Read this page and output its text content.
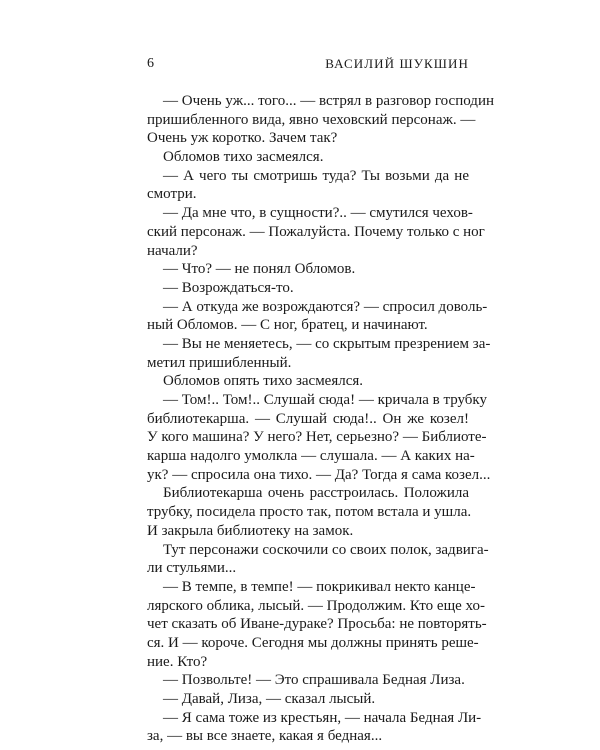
6	ВАСИЛИЙ ШУКШИН
— Очень уж... того... — встрял в разговор господин
пришибленного вида, явно чеховский персонаж. —
Очень уж коротко. Зачем так?
Обломов тихо засмеялся.
— А чего ты смотришь туда? Ты возьми да не
смотри.
— Да мне что, в сущности?.. — смутился чехов-
ский персонаж. — Пожалуйста. Почему только с ног
начали?
— Что? — не понял Обломов.
— Возрождаться-то.
— А откуда же возрождаются? — спросил доволь-
ный Обломов. — С ног, братец, и начинают.
— Вы не меняетесь, — со скрытым презрением за-
метил пришибленный.
Обломов опять тихо засмеялся.
— Том!.. Том!.. Слушай сюда! — кричала в трубку
библиотекарша. — Слушай сюда!.. Он же козел!
У кого машина? У него? Нет, серьезно? — Библиоте-
карша надолго умолкла — слушала. — А каких на-
ук? — спросила она тихо. — Да? Тогда я сама козел...
Библиотекарша очень расстроилась. Положила
трубку, посидела просто так, потом встала и ушла.
И закрыла библиотеку на замок.
Тут персонажи соскочили со своих полок, задвига-
ли стульями...
— В темпе, в темпе! — покрикивал некто канце-
лярского облика, лысый. — Продолжим. Кто еще хо-
чет сказать об Иване-дураке? Просьба: не повторять-
ся. И — короче. Сегодня мы должны принять реше-
ние. Кто?
— Позвольте! — Это спрашивала Бедная Лиза.
— Давай, Лиза, — сказал лысый.
— Я сама тоже из крестьян, — начала Бедная Ли-
за, — вы все знаете, какая я бедная...
